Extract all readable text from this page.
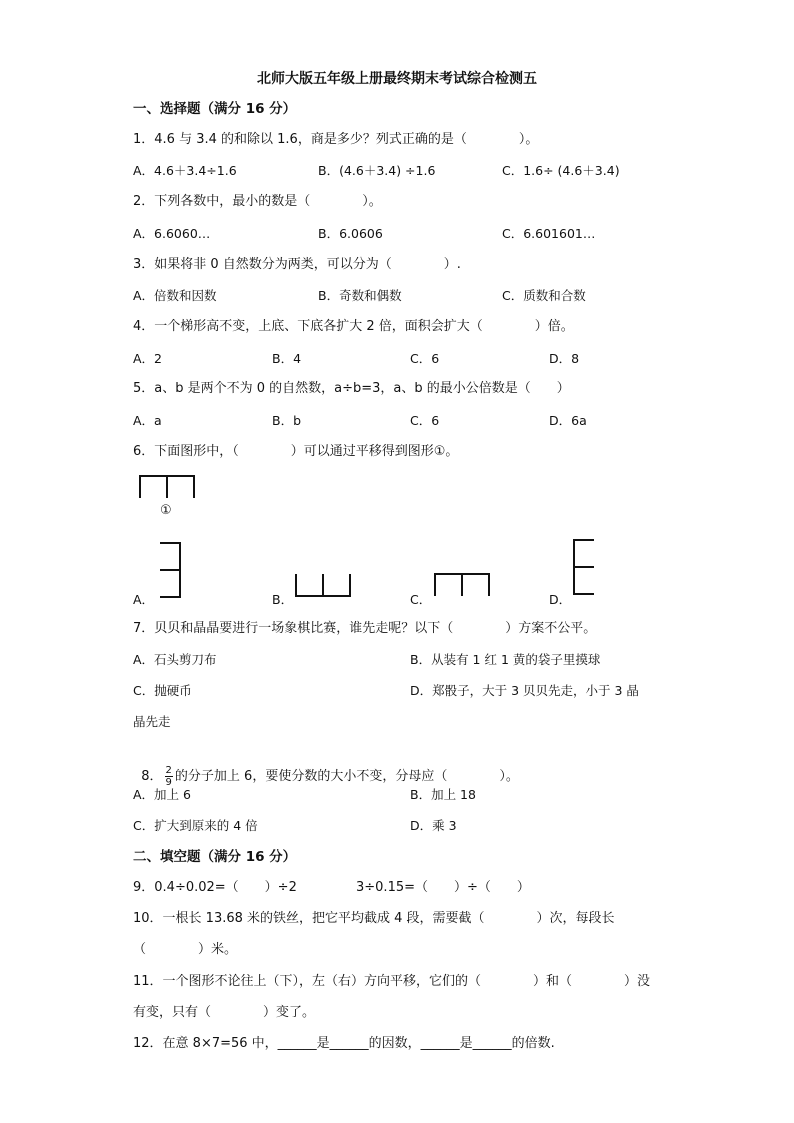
北师大版五年级上册最终期末考试综合检测五
一、选择题（满分 16 分）
1．4.6 与 3.4 的和除以 1.6，商是多少？列式正确的是（　　　　）。
A．4.6＋3.4÷1.6	B．(4.6＋3.4) ÷1.6	C．1.6÷ (4.6＋3.4)
2．下列各数中，最小的数是（　　　　）。
A．6.6060…	B．6.0606	C．6.601601…
3．如果将非 0 自然数分为两类，可以分为（　　　　）.
A．倍数和因数	B．奇数和偶数	C．质数和合数
4．一个梯形高不变，上底、下底各扩大 2 倍，面积会扩大（　　　　）倍。
A．2	B．4	C．6	D．8
5．a、b 是两个不为 0 的自然数，a÷b=3，a、b 的最小公倍数是（　　）
A．a	B．b	C．6	D．6a
6．下面图形中，（　　　　）可以通过平移得到图形①。
①
A．	B．	C．	D．
7．贝贝和晶晶要进行一场象棋比赛，谁先走呢？以下（　　　　）方案不公平。
A．石头剪刀布	B．从装有 1 红 1 黄的袋子里摸球
C．抛硬币	D．郑骰子，大于 3 贝贝先走，小于 3 晶
晶先走

8． $\frac{2}{9}$ 的分子加上 6，要使分数的大小不变，分母应（　　　　）。

A．加上 6	B．加上 18
C．扩大到原来的 4 倍	D．乘 3
二、填空题（满分 16 分）
9．0.4÷0.02=（　　）÷2	3÷0.15=（　　）÷（　　）
10．一根长 13.68 米的铁丝，把它平均截成 4 段，需要截（　　　　）次，每段长
（　　　　）米。
11．一个图形不论往上（下），左（右）方向平移，它们的（　　　　）和（　　　　）没
有变，只有（　　　　）变了。
12．在意 8×7=56 中，______是______的因数，______是______的倍数.
